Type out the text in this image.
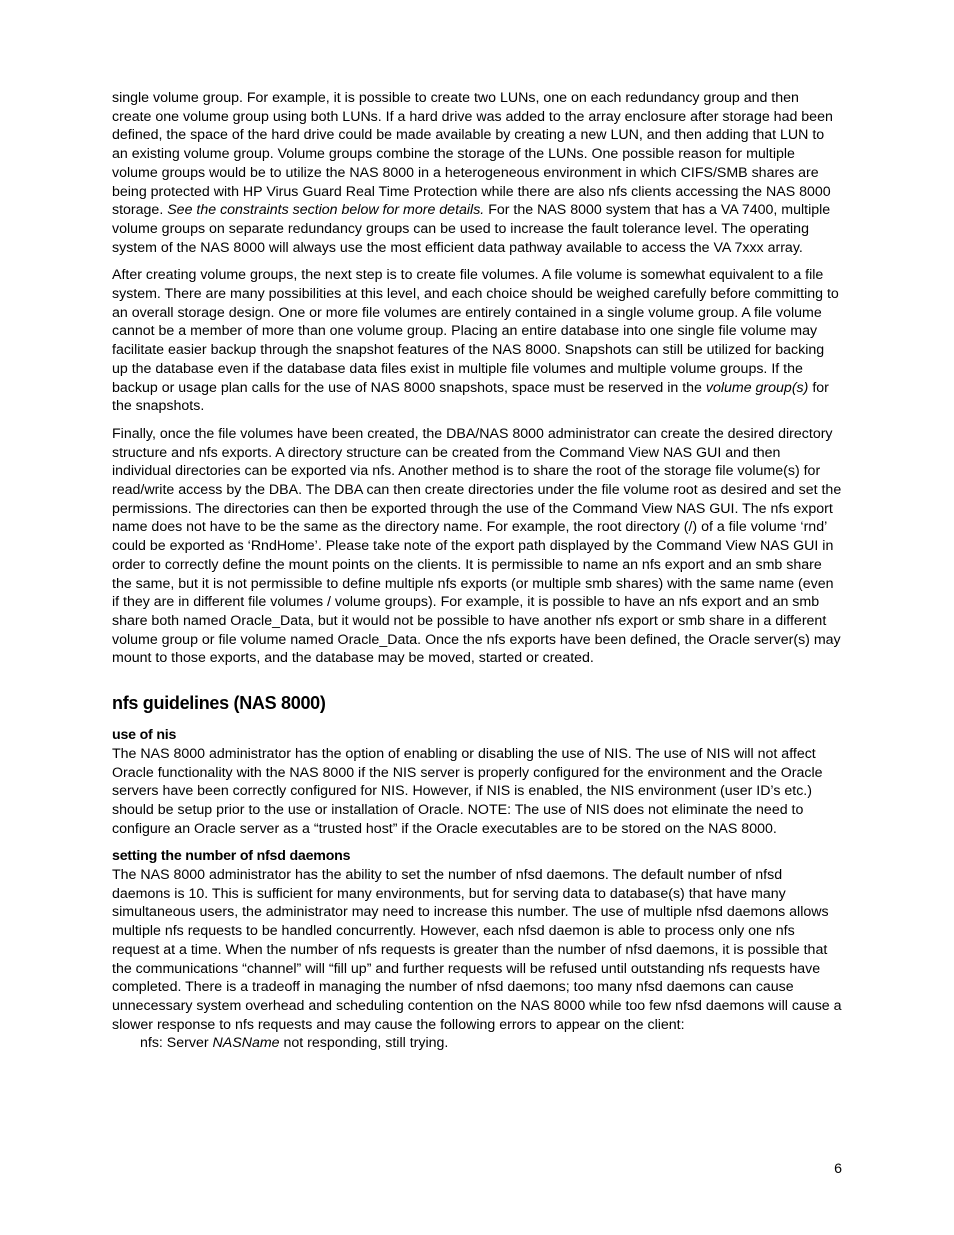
single volume group. For example, it is possible to create two LUNs, one on each redundancy group and then create one volume group using both LUNs. If a hard drive was added to the array enclosure after storage had been defined, the space of the hard drive could be made available by creating a new LUN, and then adding that LUN to an existing volume group. Volume groups combine the storage of the LUNs. One possible reason for multiple volume groups would be to utilize the NAS 8000 in a heterogeneous environment in which CIFS/SMB shares are being protected with HP Virus Guard Real Time Protection while there are also nfs clients accessing the NAS 8000 storage. See the constraints section below for more details. For the NAS 8000 system that has a VA 7400, multiple volume groups on separate redundancy groups can be used to increase the fault tolerance level. The operating system of the NAS 8000 will always use the most efficient data pathway available to access the VA 7xxx array.

After creating volume groups, the next step is to create file volumes. A file volume is somewhat equivalent to a file system. There are many possibilities at this level, and each choice should be weighed carefully before committing to an overall storage design. One or more file volumes are entirely contained in a single volume group. A file volume cannot be a member of more than one volume group. Placing an entire database into one single file volume may facilitate easier backup through the snapshot features of the NAS 8000. Snapshots can still be utilized for backing up the database even if the database data files exist in multiple file volumes and multiple volume groups. If the backup or usage plan calls for the use of NAS 8000 snapshots, space must be reserved in the volume group(s) for the snapshots.

Finally, once the file volumes have been created, the DBA/NAS 8000 administrator can create the desired directory structure and nfs exports. A directory structure can be created from the Command View NAS GUI and then individual directories can be exported via nfs. Another method is to share the root of the storage file volume(s) for read/write access by the DBA. The DBA can then create directories under the file volume root as desired and set the permissions. The directories can then be exported through the use of the Command View NAS GUI. The nfs export name does not have to be the same as the directory name. For example, the root directory (/) of a file volume ‘rnd’ could be exported as ‘RndHome’. Please take note of the export path displayed by the Command View NAS GUI in order to correctly define the mount points on the clients. It is permissible to name an nfs export and an smb share the same, but it is not permissible to define multiple nfs exports (or multiple smb shares) with the same name (even if they are in different file volumes / volume groups). For example, it is possible to have an nfs export and an smb share both named Oracle_Data, but it would not be possible to have another nfs export or smb share in a different volume group or file volume named Oracle_Data. Once the nfs exports have been defined, the Oracle server(s) may mount to those exports, and the database may be moved, started or created.

nfs guidelines (NAS 8000)
use of nis
The NAS 8000 administrator has the option of enabling or disabling the use of NIS. The use of NIS will not affect Oracle functionality with the NAS 8000 if the NIS server is properly configured for the environment and the Oracle servers have been correctly configured for NIS. However, if NIS is enabled, the NIS environment (user ID’s etc.) should be setup prior to the use or installation of Oracle. NOTE: The use of NIS does not eliminate the need to configure an Oracle server as a “trusted host” if the Oracle executables are to be stored on the NAS 8000.
setting the number of nfsd daemons
The NAS 8000 administrator has the ability to set the number of nfsd daemons. The default number of nfsd daemons is 10. This is sufficient for many environments, but for serving data to database(s) that have many simultaneous users, the administrator may need to increase this number. The use of multiple nfsd daemons allows multiple nfs requests to be handled concurrently. However, each nfsd daemon is able to process only one nfs request at a time. When the number of nfs requests is greater than the number of nfsd daemons, it is possible that the communications “channel” will “fill up” and further requests will be refused until outstanding nfs requests have completed. There is a tradeoff in managing the number of nfsd daemons; too many nfsd daemons can cause unnecessary system overhead and scheduling contention on the NAS 8000 while too few nfsd daemons will cause a slower response to nfs requests and may cause the following errors to appear on the client:
nfs: Server NASName not responding, still trying.
6
